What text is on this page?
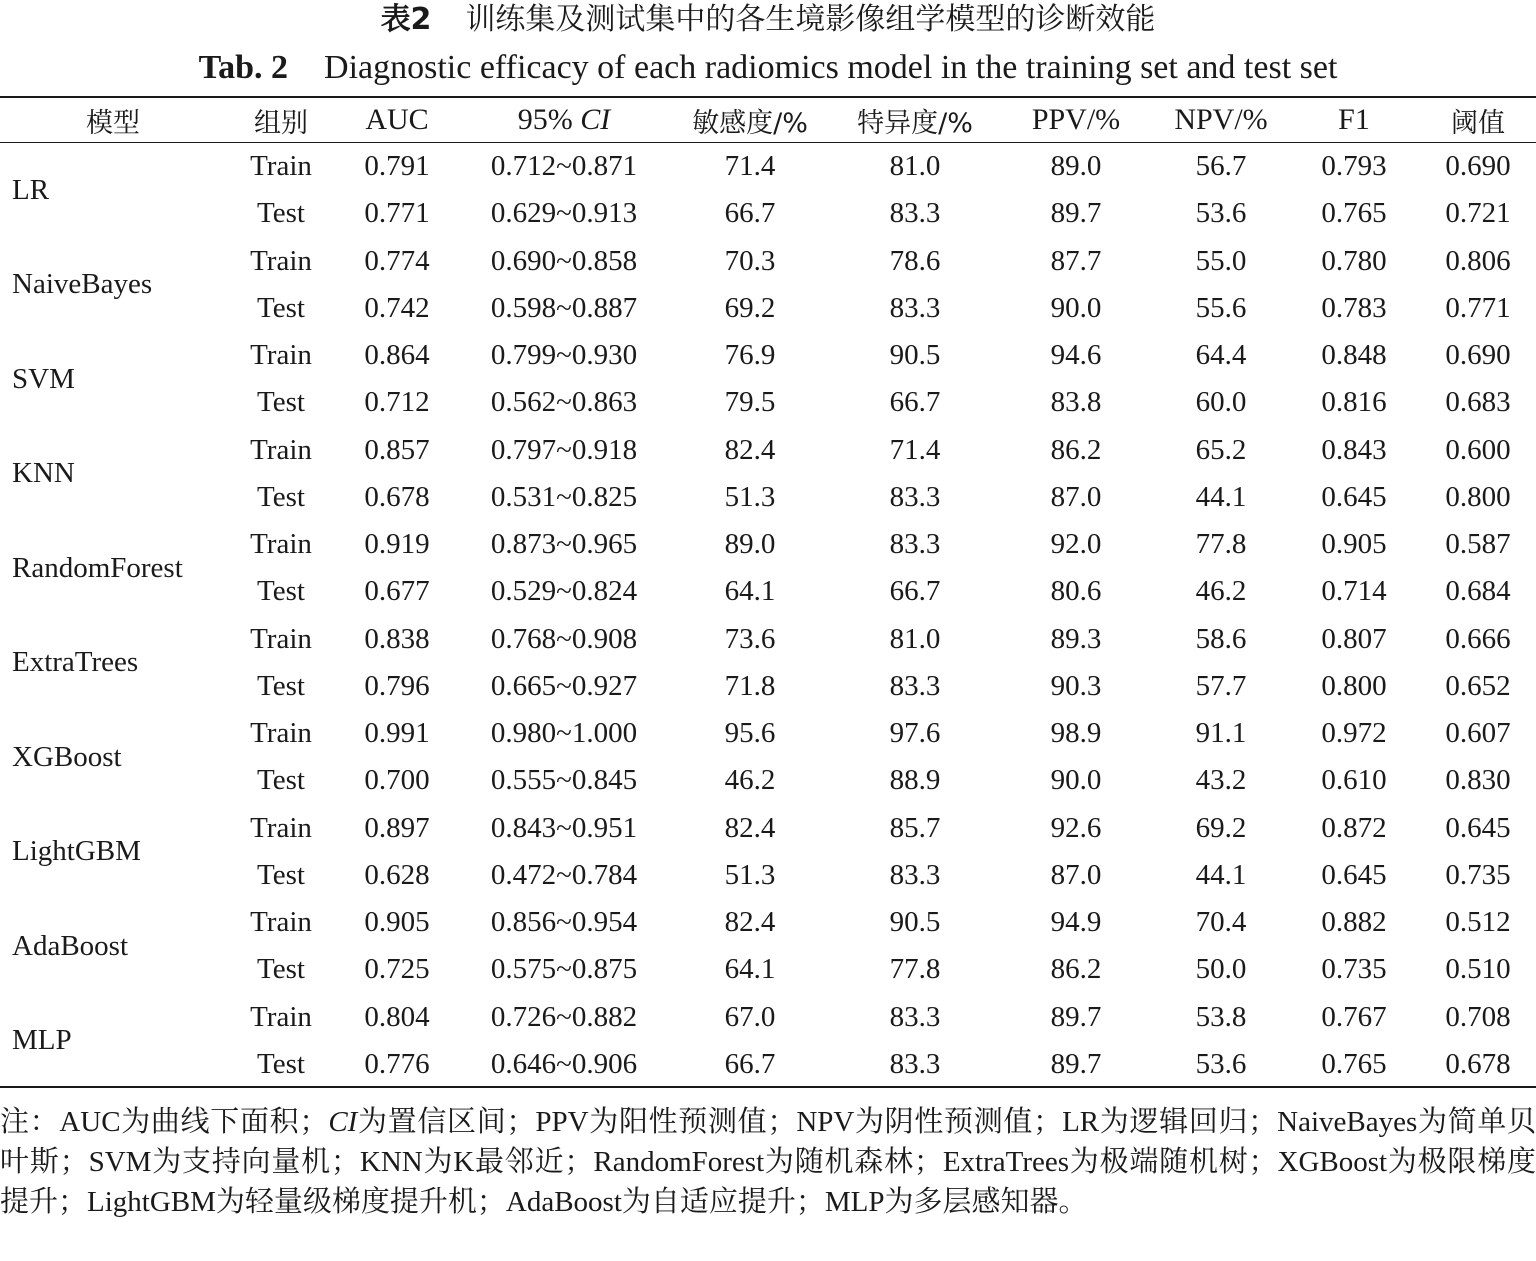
表2 训练集及测试集中的各生境影像组学模型的诊断效能
Tab. 2 Diagnostic efficacy of each radiomics model in the training set and test set
模型	组别	AUC	95% CI	敏感度/%	特异度/%	PPV/%	NPV/%	F1	阈值
LR
Train	0.791	0.712~0.871	71.4	81.0	89.0	56.7	0.793	0.690
Test	0.771	0.629~0.913	66.7	83.3	89.7	53.6	0.765	0.721
NaiveBayes
Train	0.774	0.690~0.858	70.3	78.6	87.7	55.0	0.780	0.806
Test	0.742	0.598~0.887	69.2	83.3	90.0	55.6	0.783	0.771
SVM
Train	0.864	0.799~0.930	76.9	90.5	94.6	64.4	0.848	0.690
Test	0.712	0.562~0.863	79.5	66.7	83.8	60.0	0.816	0.683
KNN
Train	0.857	0.797~0.918	82.4	71.4	86.2	65.2	0.843	0.600
Test	0.678	0.531~0.825	51.3	83.3	87.0	44.1	0.645	0.800
RandomForest
Train	0.919	0.873~0.965	89.0	83.3	92.0	77.8	0.905	0.587
Test	0.677	0.529~0.824	64.1	66.7	80.6	46.2	0.714	0.684
ExtraTrees
Train	0.838	0.768~0.908	73.6	81.0	89.3	58.6	0.807	0.666
Test	0.796	0.665~0.927	71.8	83.3	90.3	57.7	0.800	0.652
XGBoost
Train	0.991	0.980~1.000	95.6	97.6	98.9	91.1	0.972	0.607
Test	0.700	0.555~0.845	46.2	88.9	90.0	43.2	0.610	0.830
LightGBM
Train	0.897	0.843~0.951	82.4	85.7	92.6	69.2	0.872	0.645
Test	0.628	0.472~0.784	51.3	83.3	87.0	44.1	0.645	0.735
AdaBoost
Train	0.905	0.856~0.954	82.4	90.5	94.9	70.4	0.882	0.512
Test	0.725	0.575~0.875	64.1	77.8	86.2	50.0	0.735	0.510
MLP
Train	0.804	0.726~0.882	67.0	83.3	89.7	53.8	0.767	0.708
Test	0.776	0.646~0.906	66.7	83.3	89.7	53.6	0.765	0.678
注：AUC为曲线下面积；CI为置信区间；PPV为阳性预测值；NPV为阴性预测值；LR为逻辑回归；NaiveBayes为简单贝叶斯；SVM为支持向量机；KNN为K最邻近；RandomForest为随机森林；ExtraTrees为极端随机树；XGBoost为极限梯度提升；LightGBM为轻量级梯度提升机；AdaBoost为自适应提升；MLP为多层感知器。
